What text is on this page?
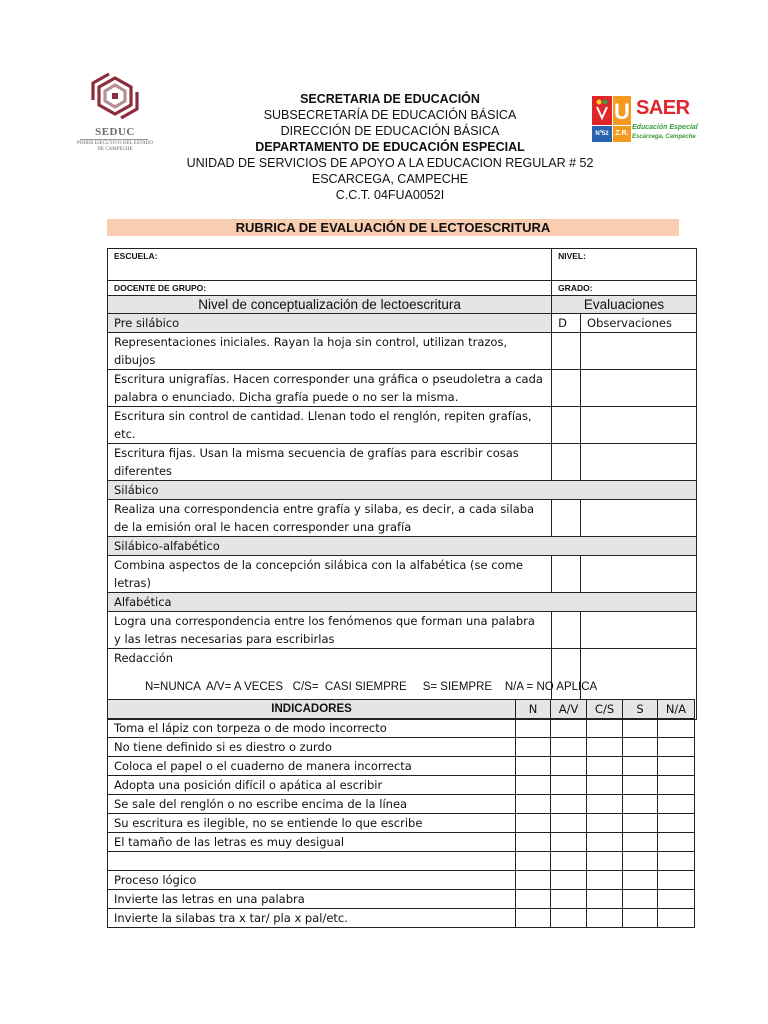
SEDUC
PODER EJECUTIVO DEL ESTADO DE CAMPECHE
U SAER
Nº52 Z.R.
Educación Especial
Escárcega, Campeche
SECRETARIA DE EDUCACIÓN
SUBSECRETARÍA DE EDUCACIÓN BÁSICA
DIRECCIÓN DE EDUCACIÓN BÁSICA
DEPARTAMENTO DE EDUCACIÓN ESPECIAL
UNIDAD DE SERVICIOS DE APOYO A LA EDUCACION REGULAR # 52
ESCARCEGA, CAMPECHE
C.C.T. 04FUA0052I
RUBRICA DE EVALUACIÓN DE LECTOESCRITURA
ESCUELA:	NIVEL:	
DOCENTE DE GRUPO:	GRADO:	
Nivel de conceptualización de lectoescritura	Evaluaciones	
Pre silábico	D	Observaciones
Representaciones iniciales. Rayan la hoja sin control, utilizan trazos, dibujos		
Escritura unigrafías. Hacen corresponder una gráfica o pseudoletra a cada palabra o enunciado. Dicha grafía puede o no ser la misma.		
Escritura sin control de cantidad. Llenan todo el renglón, repiten grafías, etc.		
Escritura fijas. Usan la misma secuencia de grafías para escribir cosas diferentes		
Silábico		
Realiza una correspondencia entre grafía y silaba, es decir, a cada silaba de la emisión oral le hacen corresponder una grafía		
Silábico-alfabético		
Combina aspectos de la concepción silábica con la alfabética (se come letras)		
Alfabética		
Logra una correspondencia entre los fenómenos que forman una palabra y las letras necesarias para escribirlas		
Redacción		
N=NUNCA  A/V= A VECES   C/S=  CASI SIEMPRE     S= SIEMPRE    N/A = NO APLICA
INDICADORES	N	A/V	C/S	S	N/A
Toma el lápiz con torpeza o de modo incorrecto					
No tiene definido si es diestro o zurdo					
Coloca el papel o el cuaderno de manera incorrecta					
Adopta una posición difícil o apática al escribir					
Se sale del renglón o no escribe encima de la línea					
Su escritura es ilegible, no se entiende lo que escribe					
El tamaño de las letras es muy desigual					

Proceso lógico					
Invierte las letras en una palabra					
Invierte la silabas tra x tar/ pla x pal/etc.					
